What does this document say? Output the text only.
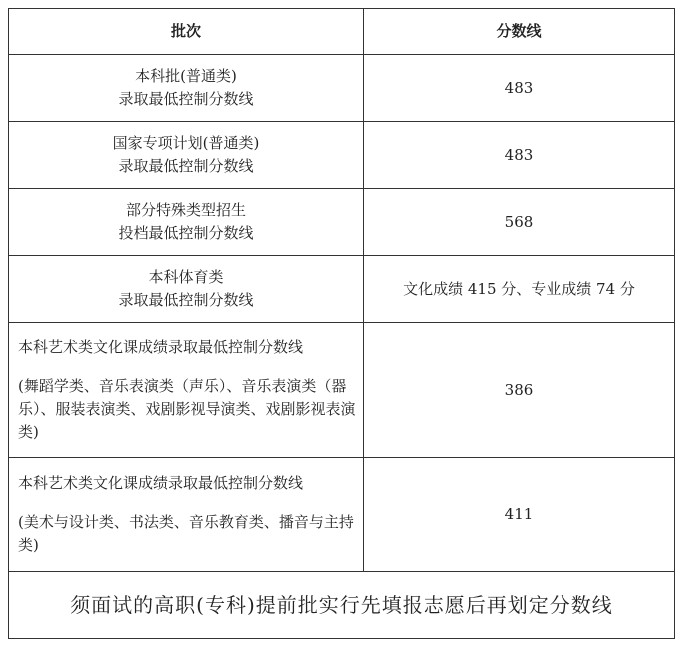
批次	分数线

本科批(普通类)
录取最低控制分数线	483

国家专项计划(普通类)
录取最低控制分数线	483

部分特殊类型招生
投档最低控制分数线	568

本科体育类
录取最低控制分数线	文化成绩 415 分、专业成绩 74 分

本科艺术类文化课成绩录取最低控制分数线
(舞蹈学类、音乐表演类（声乐）、音乐表演类（器乐）、服装表演类、戏剧影视导演类、戏剧影视表演类)	386

本科艺术类文化课成绩录取最低控制分数线
(美术与设计类、书法类、音乐教育类、播音与主持类)	411
须面试的高职(专科)提前批实行先填报志愿后再划定分数线	
